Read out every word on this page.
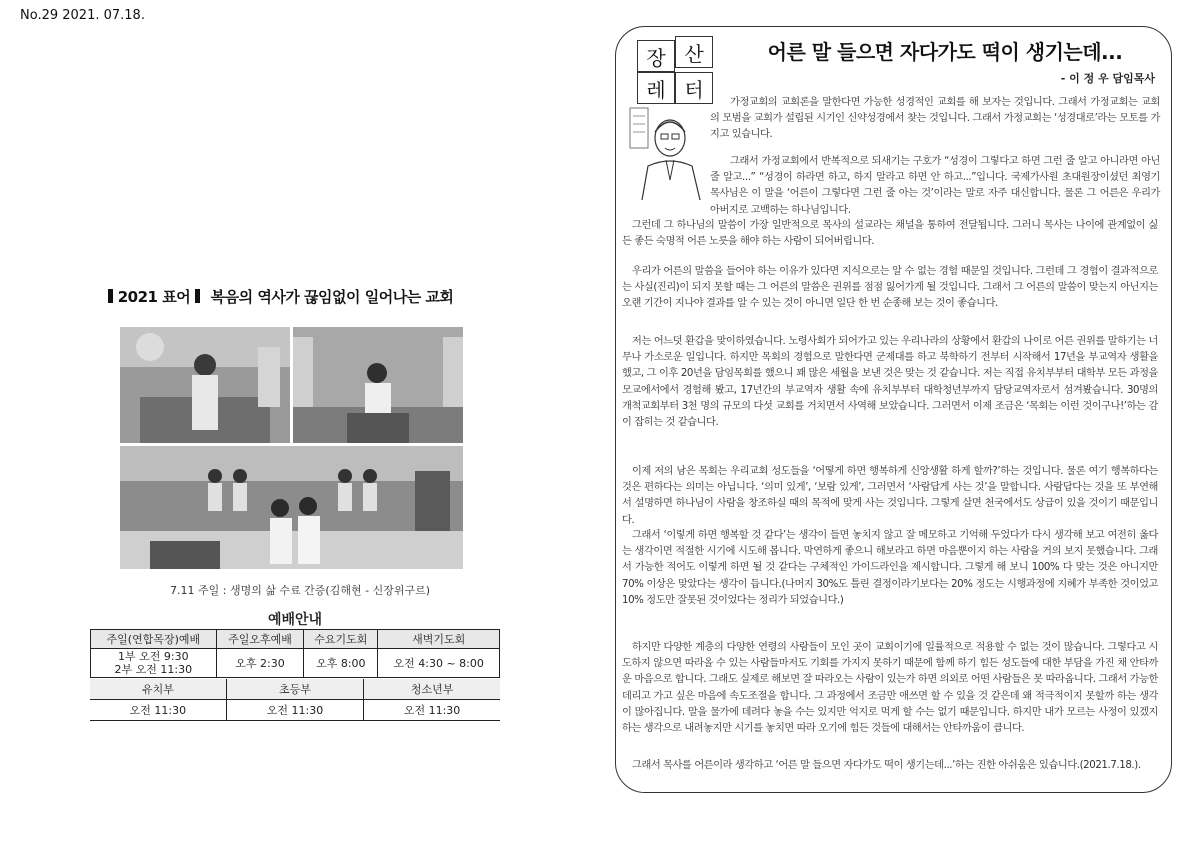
No.29 2021. 07.18.
2021 표어 복음의 역사가 끊임없이 일어나는 교회
7.11 주일 : 생명의 삶 수료 간증(김해현 - 신장위구르)
예배안내
주일(연합목장)예배	주일오후예배	수요기도회	새벽기도회
1부 오전 9:30
2부 오전 11:30	오후 2:30	오후 8:00	오전 4:30 ~ 8:00
유치부	초등부	청소년부
오전 11:30	오전 11:30	오전 11:30
장 산
레 터
어른 말 들으면 자다가도 떡이 생기는데...
- 이 정 우 담임목사
가정교회의 교회론을 말한다면 가능한 성경적인 교회를 해 보자는 것입니다. 그래서 가정교회는 교회의 모범을 교회가 설립된 시기인 신약성경에서 찾는 것입니다. 그래서 가정교회는 ‘성경대로’라는 모토를 가지고 있습니다.
그래서 가정교회에서 반복적으로 되새기는 구호가 “성경이 그렇다고 하면 그런 줄 알고 아니라면 아닌 줄 알고...” “성경이 하라면 하고, 하지 말라고 하면 안 하고...”입니다. 국제가사원 초대원장이셨던 최영기 목사님은 이 말을 ‘어른이 그렇다면 그런 줄 아는 것’이라는 말로 자주 대신합니다. 물론 그 어른은 우리가 아버지로 고백하는 하나님입니다.
그런데 그 하나님의 말씀이 가장 일반적으로 목사의 설교라는 채널을 통하여 전달됩니다. 그러니 목사는 나이에 관계없이 싫든 좋든 숙명적 어른 노릇을 해야 하는 사람이 되어버립니다.
우리가 어른의 말씀을 들어야 하는 이유가 있다면 지식으로는 알 수 없는 경험 때문일 것입니다. 그런데 그 경험이 결과적으로는 사실(진리)이 되지 못할 때는 그 어른의 말씀은 권위를 점점 잃어가게 될 것입니다. 그래서 그 어른의 말씀이 맞는지 아닌지는 오랜 기간이 지나야 결과를 알 수 있는 것이 아니면 일단 한 번 순종해 보는 것이 좋습니다.
저는 어느덧 환갑을 맞이하였습니다. 노령사회가 되어가고 있는 우리나라의 상황에서 환갑의 나이로 어른 권위를 말하기는 너무나 가소로운 일입니다. 하지만 목회의 경험으로 말한다면 군제대를 하고 북학하기 전부터 시작해서 17년을 부교역자 생활을 했고, 그 이후 20년을 담임목회를 했으니 꽤 많은 세월을 보낸 것은 맞는 것 같습니다. 저는 직접 유치부부터 대학부 모든 과정을 모교에서에서 경험해 봤고, 17년간의 부교역자 생활 속에 유치부부터 대학청년부까지 담당교역자로서 섬겨봤습니다. 30명의 개척교회부터 3천 명의 규모의 다섯 교회를 거치면서 사역해 보았습니다. 그러면서 이제 조금은 ‘목회는 이런 것이구나!’하는 감이 잡히는 것 같습니다.
이제 저의 남은 목회는 우리교회 성도들을 ‘어떻게 하면 행복하게 신앙생활 하게 할까?’하는 것입니다. 물론 여기 행복하다는 것은 편하다는 의미는 아닙니다. ‘의미 있게’, ‘보람 있게’, 그러면서 ‘사람답게 사는 것’을 말합니다. 사람답다는 것을 또 부연해서 설명하면 하나님이 사람을 창조하실 때의 목적에 맞게 사는 것입니다. 그렇게 살면 천국에서도 상급이 있을 것이기 때문입니다.
그래서 ‘이렇게 하면 행복할 것 같다’는 생각이 들면 놓치지 않고 잘 메모하고 기억해 두었다가 다시 생각해 보고 여전히 옳다는 생각이면 적절한 시기에 시도해 봅니다. 막연하게 좋으니 해보라고 하면 마음뿐이지 하는 사람을 거의 보지 못했습니다. 그래서 가능한 적어도 이렇게 하면 될 것 같다는 구체적인 가이드라인을 제시합니다. 그렇게 해 보니 100% 다 맞는 것은 아니지만 70% 이상은 맞았다는 생각이 듭니다.(나머지 30%도 틀린 결정이라기보다는 20% 정도는 시행과정에 지혜가 부족한 것이었고 10% 정도만 잘못된 것이었다는 정리가 되었습니다.)
하지만 다양한 계층의 다양한 연령의 사람들이 모인 곳이 교회이기에 일률적으로 적용할 수 없는 것이 많습니다. 그렇다고 시도하지 않으면 따라올 수 있는 사람들마저도 기회를 가지지 못하기 때문에 함께 하기 힘든 성도들에 대한 부담을 가진 채 안타까운 마음으로 합니다. 그래도 실제로 해보면 잘 따라오는 사람이 있는가 하면 의외로 어떤 사람들은 못 따라옵니다. 그래서 가능한 데리고 가고 싶은 마음에 속도조절을 합니다. 그 과정에서 조금만 애쓰면 할 수 있을 것 같은데 왜 적극적이지 못할까 하는 생각이 많아집니다. 말을 물가에 데려다 놓을 수는 있지만 억지로 먹게 할 수는 없기 때문입니다. 하지만 내가 모르는 사정이 있겠지 하는 생각으로 내려놓지만 시기를 놓치면 따라 오기에 힘든 것들에 대해서는 안타까움이 큽니다.
그래서 목사를 어른이라 생각하고 ‘어른 말 들으면 자다가도 떡이 생기는데...’하는 진한 아쉬움은 있습니다.(2021.7.18.).
